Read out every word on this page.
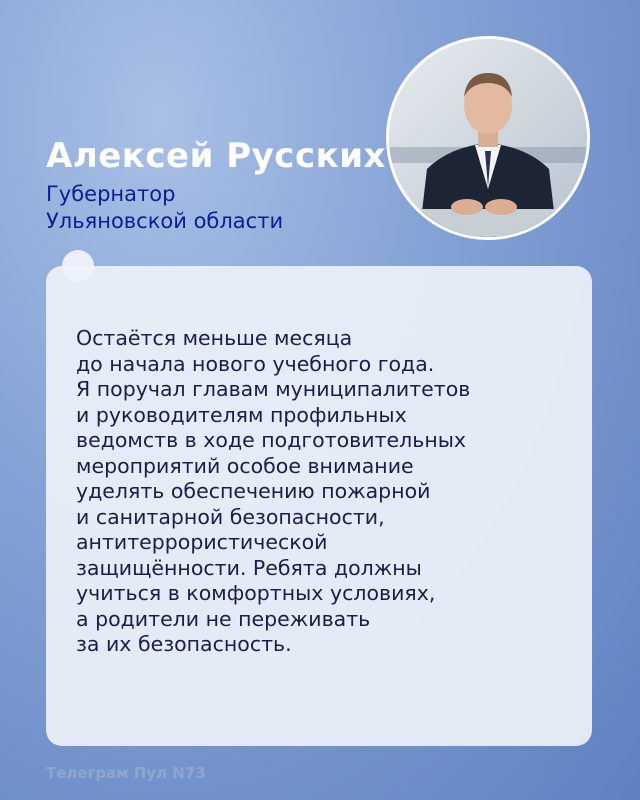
Алексей Русских
Губернатор
Ульяновской области
Остаётся меньше месяца
до начала нового учебного года.
Я поручал главам муниципалитетов
и руководителям профильных
ведомств в ходе подготовительных
мероприятий особое внимание
уделять обеспечению пожарной
и санитарной безопасности,
антитеррористической
защищённости. Ребята должны
учиться в комфортных условиях,
а родители не переживать
за их безопасность.
Телеграм Пул N73
